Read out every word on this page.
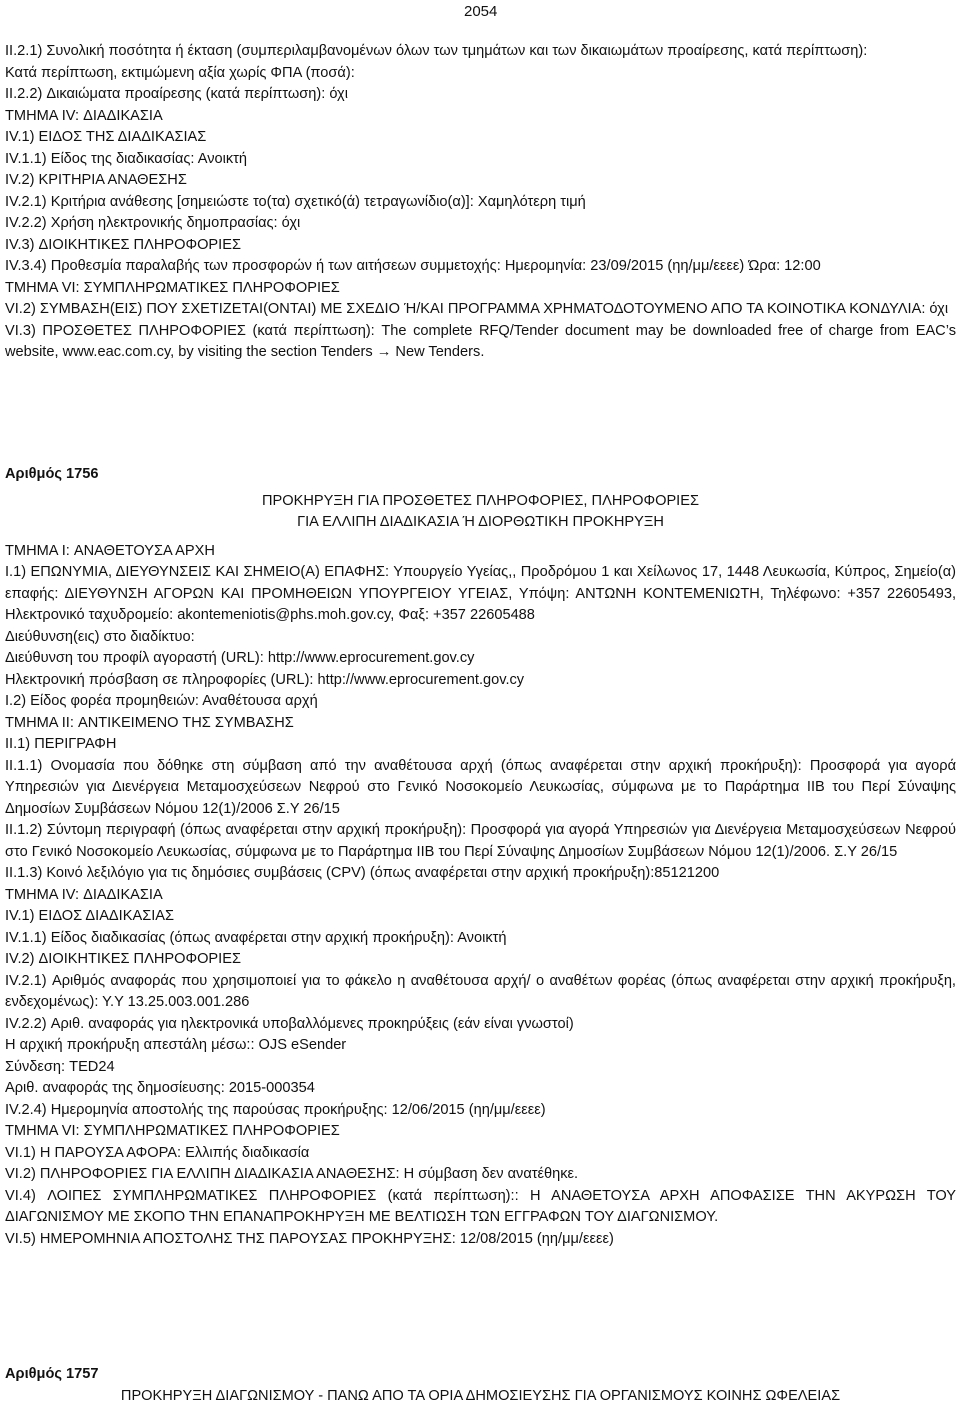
2054

II.2.1) Συνολική ποσότητα ή έκταση (συμπεριλαμβανομένων όλων των τμημάτων και των δικαιωμάτων προαίρεσης, κατά περίπτωση):

Κατά περίπτωση, εκτιμώμενη αξία χωρίς ΦΠΑ (ποσά):

II.2.2) Δικαιώματα προαίρεσης (κατά περίπτωση): όχι

ΤΜΗΜΑ IV: ΔΙΑΔΙΚΑΣΙΑ

IV.1) ΕΙΔΟΣ ΤΗΣ ΔΙΑΔΙΚΑΣΙΑΣ

IV.1.1) Είδος της διαδικασίας: Ανοικτή

IV.2) ΚΡΙΤΗΡΙΑ ΑΝΑΘΕΣΗΣ

IV.2.1) Κριτήρια ανάθεσης [σημειώστε το(τα) σχετικό(ά) τετραγωνίδιο(α)]: Χαμηλότερη τιμή

IV.2.2) Χρήση ηλεκτρονικής δημοπρασίας: όχι

IV.3) ΔΙΟΙΚΗΤΙΚΕΣ ΠΛΗΡΟΦΟΡΙΕΣ

IV.3.4) Προθεσμία παραλαβής των προσφορών ή των αιτήσεων συμμετοχής: Ημερομηνία: 23/09/2015 (ηη/μμ/εεεε) Ώρα: 12:00

ΤΜΗΜΑ VI: ΣΥΜΠΛΗΡΩΜΑΤΙΚΕΣ ΠΛΗΡΟΦΟΡΙΕΣ

VI.2) ΣΥΜΒΑΣΗ(ΕΙΣ) ΠΟΥ ΣΧΕΤΙΖΕΤΑΙ(ΟΝΤΑΙ) ΜΕ ΣΧΕΔΙΟ Ή/ΚΑΙ ΠΡΟΓΡΑΜΜΑ ΧΡΗΜΑΤΟΔΟΤΟΥΜΕΝΟ ΑΠΟ ΤΑ ΚΟΙΝΟΤΙΚΑ ΚΟΝΔΥΛΙΑ: όχι

VI.3) ΠΡΟΣΘΕΤΕΣ ΠΛΗΡΟΦΟΡΙΕΣ (κατά περίπτωση): The complete RFQ/Tender document may be downloaded free of charge from EAC’s website, www.eac.com.cy, by visiting the section Tenders → New Tenders.

Αριθμός 1756

ΠΡΟΚΗΡΥΞΗ ΓΙΑ ΠΡΟΣΘΕΤΕΣ ΠΛΗΡΟΦΟΡΙΕΣ, ΠΛΗΡΟΦΟΡΙΕΣ

ΓΙΑ ΕΛΛΙΠΗ ΔΙΑΔΙΚΑΣΙΑ Ή ΔΙΟΡΘΩΤΙΚΗ ΠΡΟΚΗΡΥΞΗ

ΤΜΗΜΑ I: ΑΝΑΘΕΤΟΥΣΑ ΑΡΧΗ

I.1) ΕΠΩΝΥΜΙΑ, ΔΙΕΥΘΥΝΣΕΙΣ ΚΑΙ ΣΗΜΕΙΟ(Α) ΕΠΑΦΗΣ: Υπουργείο Υγείας,, Προδρόμου 1 και Χείλωνος 17, 1448 Λευκωσία, Κύπρος, Σημείο(α) επαφής: ΔΙΕΥΘΥΝΣΗ ΑΓΟΡΩΝ ΚΑΙ ΠΡΟΜΗΘΕΙΩΝ ΥΠΟΥΡΓΕΙΟΥ ΥΓΕΙΑΣ, Υπόψη: ΑΝΤΩΝΗ ΚΟΝΤΕΜΕΝΙΩΤΗ, Τηλέφωνο: +357 22605493, Ηλεκτρονικό ταχυδρομείο: akontemeniotis@phs.moh.gov.cy, Φαξ: +357 22605488

Διεύθυνση(εις) στο διαδίκτυο:

Διεύθυνση του προφίλ αγοραστή (URL): http://www.eprocurement.gov.cy

Ηλεκτρονική πρόσβαση σε πληροφορίες (URL): http://www.eprocurement.gov.cy

I.2) Είδος φορέα προμηθειών: Αναθέτουσα αρχή

ΤΜΗΜΑ II: ΑΝΤΙΚΕΙΜΕΝΟ ΤΗΣ ΣΥΜΒΑΣΗΣ

II.1) ΠΕΡΙΓΡΑΦΗ

II.1.1) Ονομασία που δόθηκε στη σύμβαση από την αναθέτουσα αρχή (όπως αναφέρεται στην αρχική προκήρυξη): Προσφορά για αγορά Υπηρεσιών για Διενέργεια Μεταμοσχεύσεων Νεφρού στο Γενικό Νοσοκομείο Λευκωσίας, σύμφωνα με το Παράρτημα ΙΙΒ του Περί Σύναψης Δημοσίων Συμβάσεων Νόμου 12(1)/2006 Σ.Υ 26/15

II.1.2) Σύντομη περιγραφή (όπως αναφέρεται στην αρχική προκήρυξη): Προσφορά για αγορά Υπηρεσιών για Διενέργεια Μεταμοσχεύσεων Νεφρού στο Γενικό Νοσοκομείο Λευκωσίας, σύμφωνα με το Παράρτημα ΙΙΒ του Περί Σύναψης Δημοσίων Συμβάσεων Νόμου 12(1)/2006. Σ.Υ 26/15

II.1.3) Κοινό λεξιλόγιο για τις δημόσιες συμβάσεις (CPV) (όπως αναφέρεται στην αρχική προκήρυξη):85121200

ΤΜΗΜΑ IV: ΔΙΑΔΙΚΑΣΙΑ

IV.1) ΕΙΔΟΣ ΔΙΑΔΙΚΑΣΙΑΣ

IV.1.1) Είδος διαδικασίας (όπως αναφέρεται στην αρχική προκήρυξη): Ανοικτή

IV.2) ΔΙΟΙΚΗΤΙΚΕΣ ΠΛΗΡΟΦΟΡΙΕΣ

IV.2.1) Αριθμός αναφοράς που χρησιμοποιεί για το φάκελο η αναθέτουσα αρχή/ ο αναθέτων φορέας (όπως αναφέρεται στην αρχική προκήρυξη, ενδεχομένως): Υ.Υ 13.25.003.001.286

IV.2.2) Αριθ. αναφοράς για ηλεκτρονικά υποβαλλόμενες προκηρύξεις (εάν είναι γνωστοί)

Η αρχική προκήρυξη απεστάλη μέσω:: OJS eSender

Σύνδεση: TED24

Αριθ. αναφοράς της δημοσίευσης: 2015-000354

IV.2.4) Ημερομηνία αποστολής της παρούσας προκήρυξης: 12/06/2015 (ηη/μμ/εεεε)

ΤΜΗΜΑ VI: ΣΥΜΠΛΗΡΩΜΑΤΙΚΕΣ ΠΛΗΡΟΦΟΡΙΕΣ

VI.1) Η ΠΑΡΟΥΣΑ ΑΦΟΡΑ: Ελλιπής διαδικασία

VI.2) ΠΛΗΡΟΦΟΡΙΕΣ ΓΙΑ ΕΛΛΙΠΗ ΔΙΑΔΙΚΑΣΙΑ ΑΝΑΘΕΣΗΣ: Η σύμβαση δεν ανατέθηκε.

VI.4) ΛΟΙΠΕΣ ΣΥΜΠΛΗΡΩΜΑΤΙΚΕΣ ΠΛΗΡΟΦΟΡΙΕΣ (κατά περίπτωση):: Η ΑΝΑΘΕΤΟΥΣΑ ΑΡΧΗ ΑΠΟΦΑΣΙΣΕ ΤΗΝ ΑΚΥΡΩΣΗ ΤΟΥ ΔΙΑΓΩΝΙΣΜΟΥ ΜΕ ΣΚΟΠΟ ΤΗΝ ΕΠΑΝΑΠΡΟΚΗΡΥΞΗ ΜΕ ΒΕΛΤΙΩΣΗ ΤΩΝ ΕΓΓΡΑΦΩΝ ΤΟΥ ΔΙΑΓΩΝΙΣΜΟΥ.

VI.5) ΗΜΕΡΟΜΗΝΙΑ ΑΠΟΣΤΟΛΗΣ ΤΗΣ ΠΑΡΟΥΣΑΣ ΠΡΟΚΗΡΥΞΗΣ: 12/08/2015 (ηη/μμ/εεεε)

Αριθμός 1757

ΠΡΟΚΗΡΥΞΗ ΔΙΑΓΩΝΙΣΜΟΥ - ΠΑΝΩ ΑΠΟ ΤΑ ΟΡΙΑ ΔΗΜΟΣΙΕΥΣΗΣ ΓΙΑ ΟΡΓΑΝΙΣΜΟΥΣ ΚΟΙΝΗΣ ΩΦΕΛΕΙΑΣ
